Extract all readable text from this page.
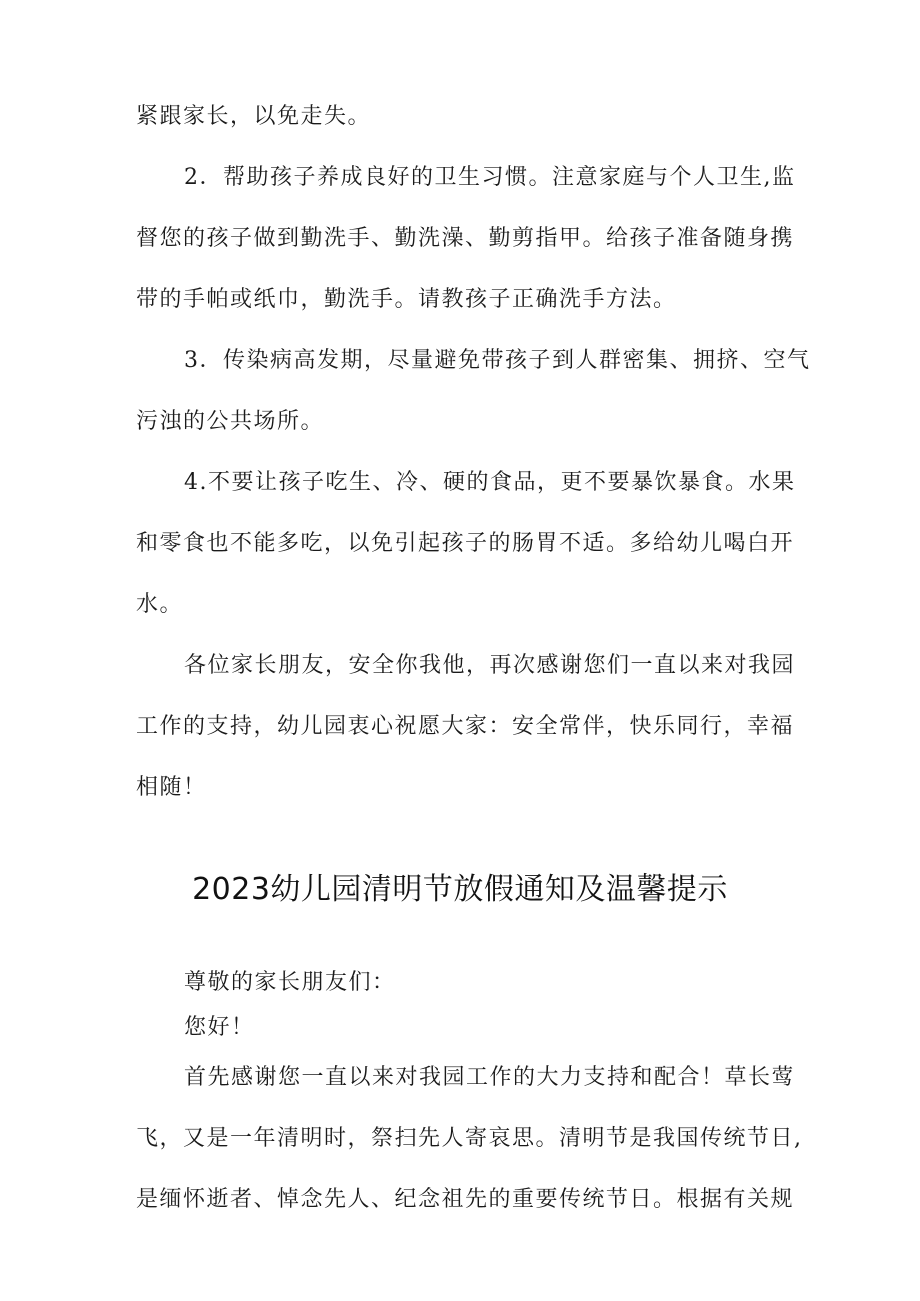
紧跟家长，以免走失。
2．帮助孩子养成良好的卫生习惯。注意家庭与个人卫生,监
督您的孩子做到勤洗手、勤洗澡、勤剪指甲。给孩子准备随身携
带的手帕或纸巾，勤洗手。请教孩子正确洗手方法。
3．传染病高发期，尽量避免带孩子到人群密集、拥挤、空气
污浊的公共场所。
4.不要让孩子吃生、冷、硬的食品，更不要暴饮暴食。水果
和零食也不能多吃，以免引起孩子的肠胃不适。多给幼儿喝白开
水。
各位家长朋友，安全你我他，再次感谢您们一直以来对我园
工作的支持，幼儿园衷心祝愿大家：安全常伴，快乐同行，幸福
相随！
2023幼儿园清明节放假通知及温馨提示
尊敬的家长朋友们：
您好！
首先感谢您一直以来对我园工作的大力支持和配合！草长莺
飞，又是一年清明时，祭扫先人寄哀思。清明节是我国传统节日,
是缅怀逝者、悼念先人、纪念祖先的重要传统节日。根据有关规
